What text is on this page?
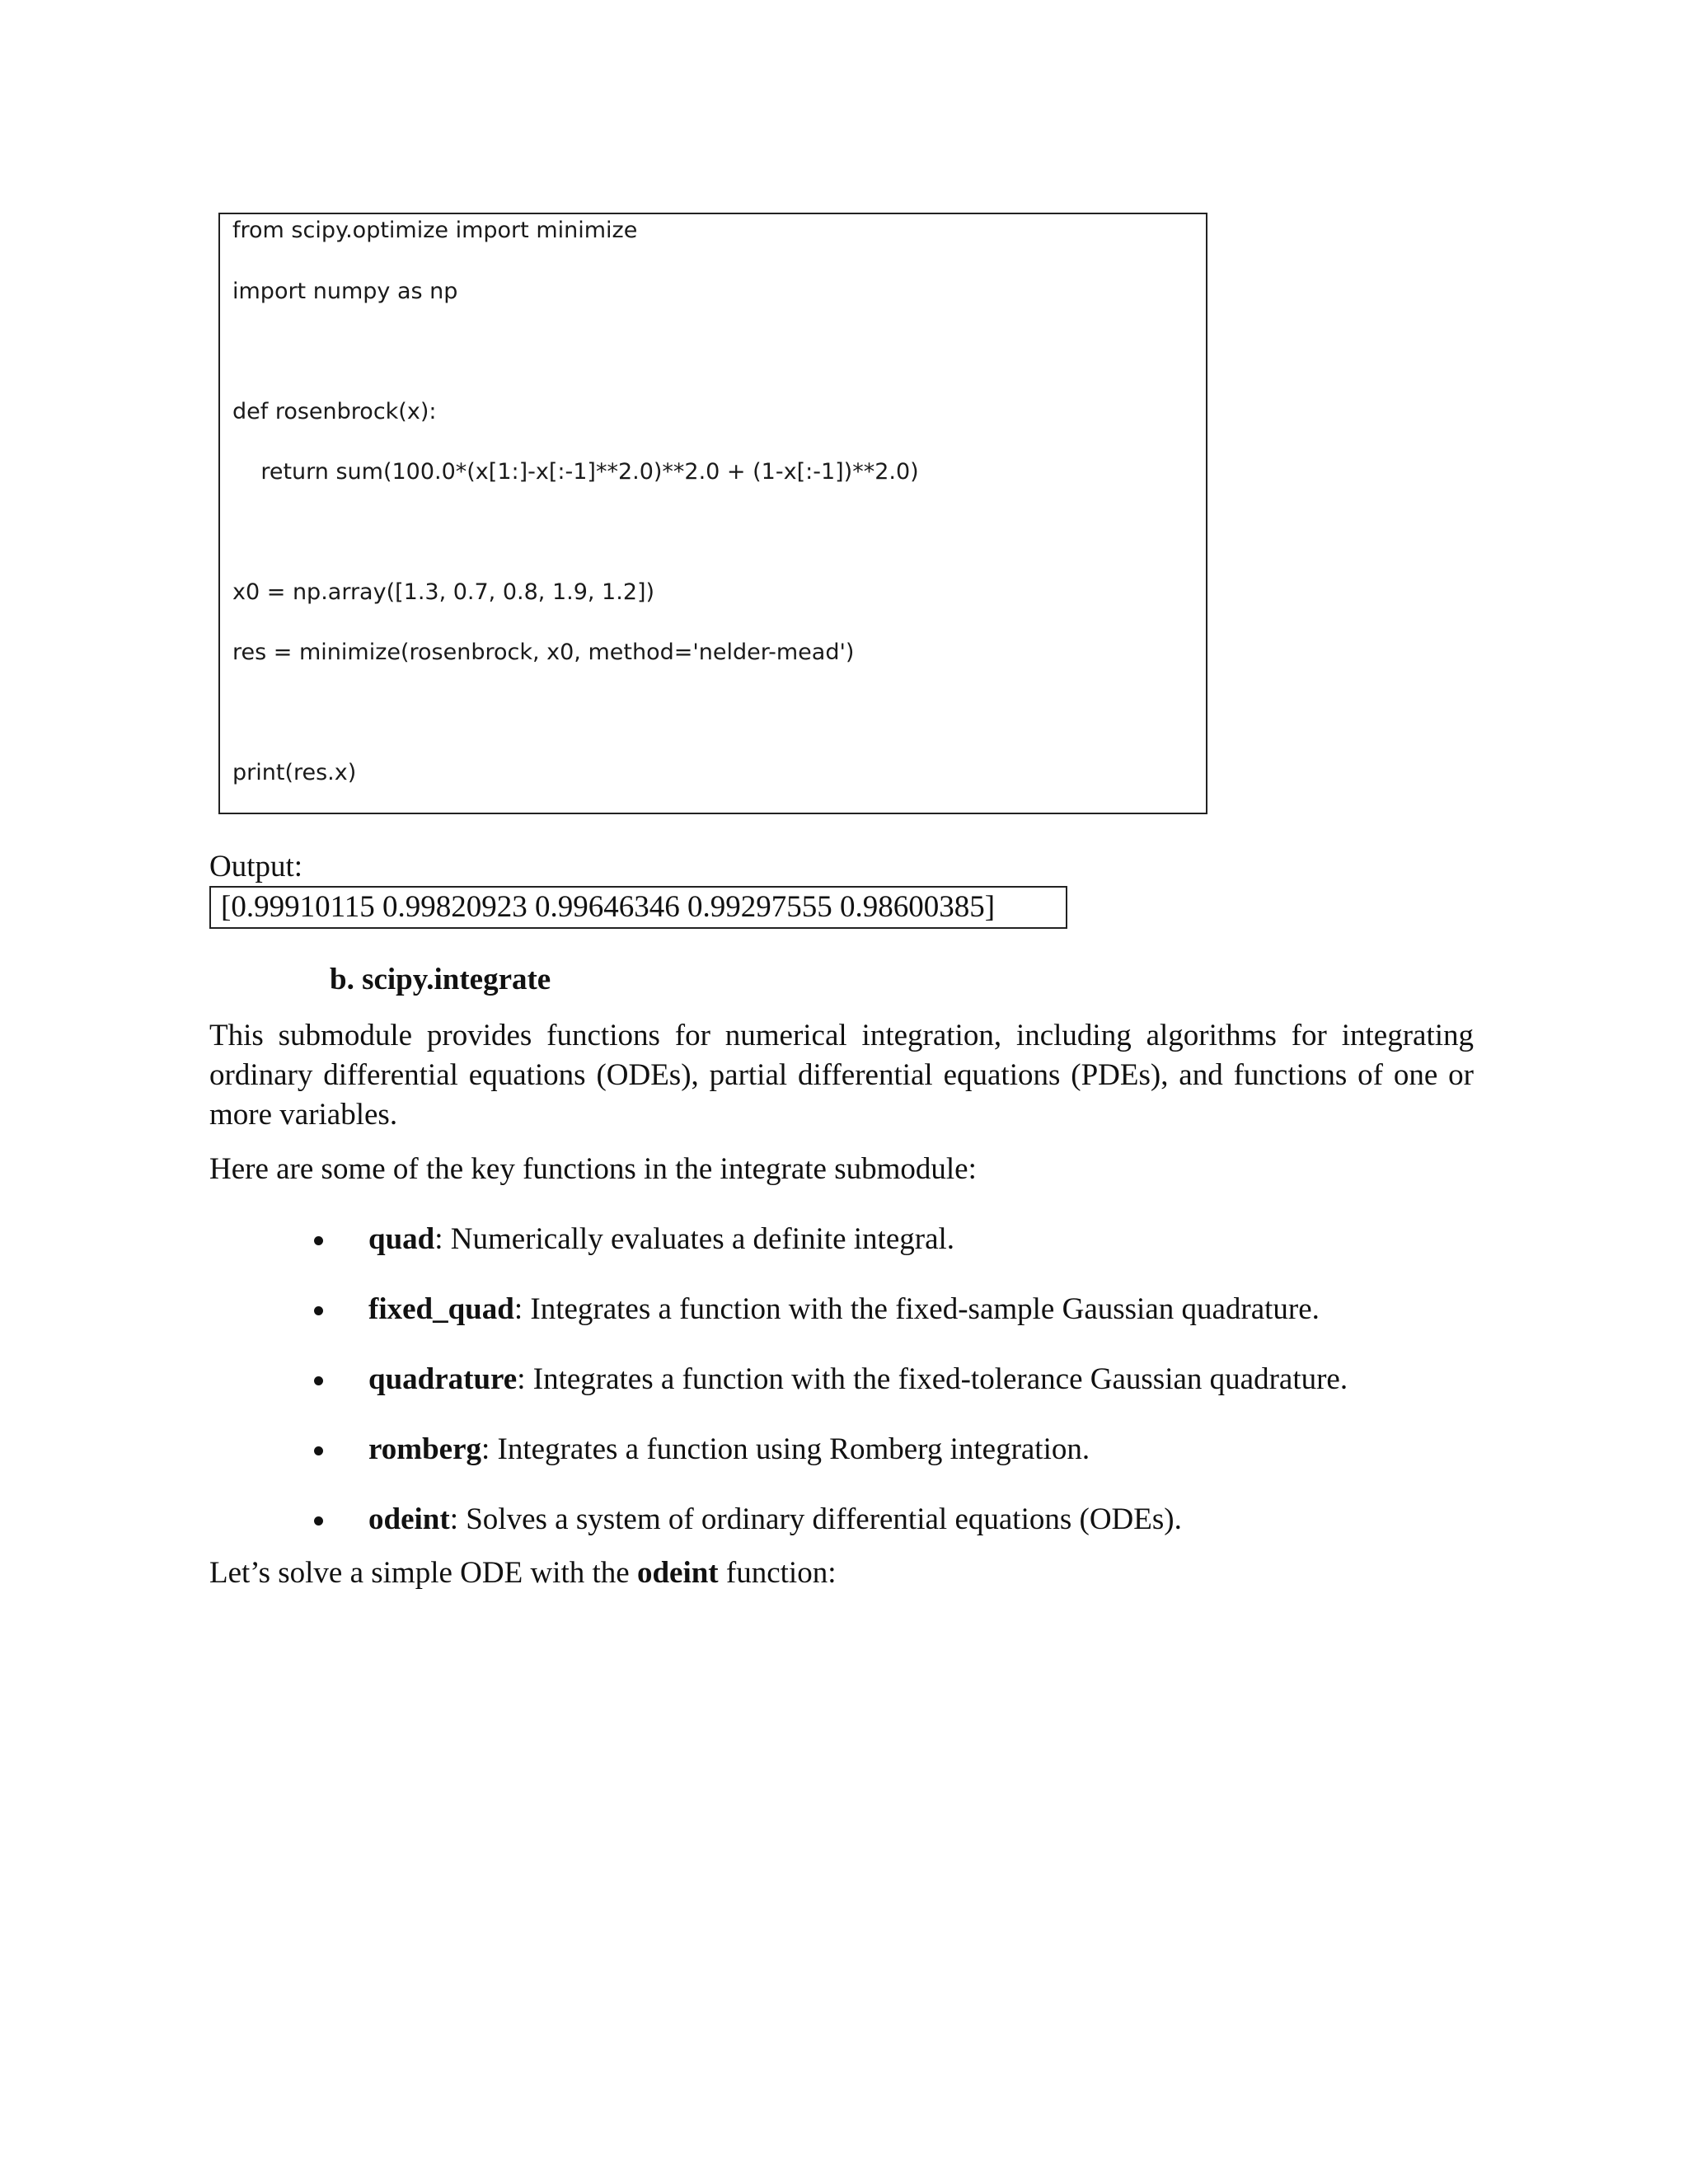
from scipy.optimize import minimize

import numpy as np

def rosenbrock(x):

return sum(100.0*(x[1:]-x[:-1]**2.0)**2.0 + (1-x[:-1])**2.0)

x0 = np.array([1.3, 0.7, 0.8, 1.9, 1.2])

res = minimize(rosenbrock, x0, method='nelder-mead')

print(res.x)

Output:
[0.99910115 0.99820923 0.99646346 0.99297555 0.98600385]
b. scipy.integrate
This submodule provides functions for numerical integration, including algorithms for integrating ordinary differential equations (ODEs), partial differential equations (PDEs), and functions of one or more variables.
Here are some of the key functions in the integrate submodule:
quad: Numerically evaluates a definite integral.
fixed_quad: Integrates a function with the fixed-sample Gaussian quadrature.
quadrature: Integrates a function with the fixed-tolerance Gaussian quadrature.
romberg: Integrates a function using Romberg integration.
odeint: Solves a system of ordinary differential equations (ODEs).
Let’s solve a simple ODE with the odeint function:
